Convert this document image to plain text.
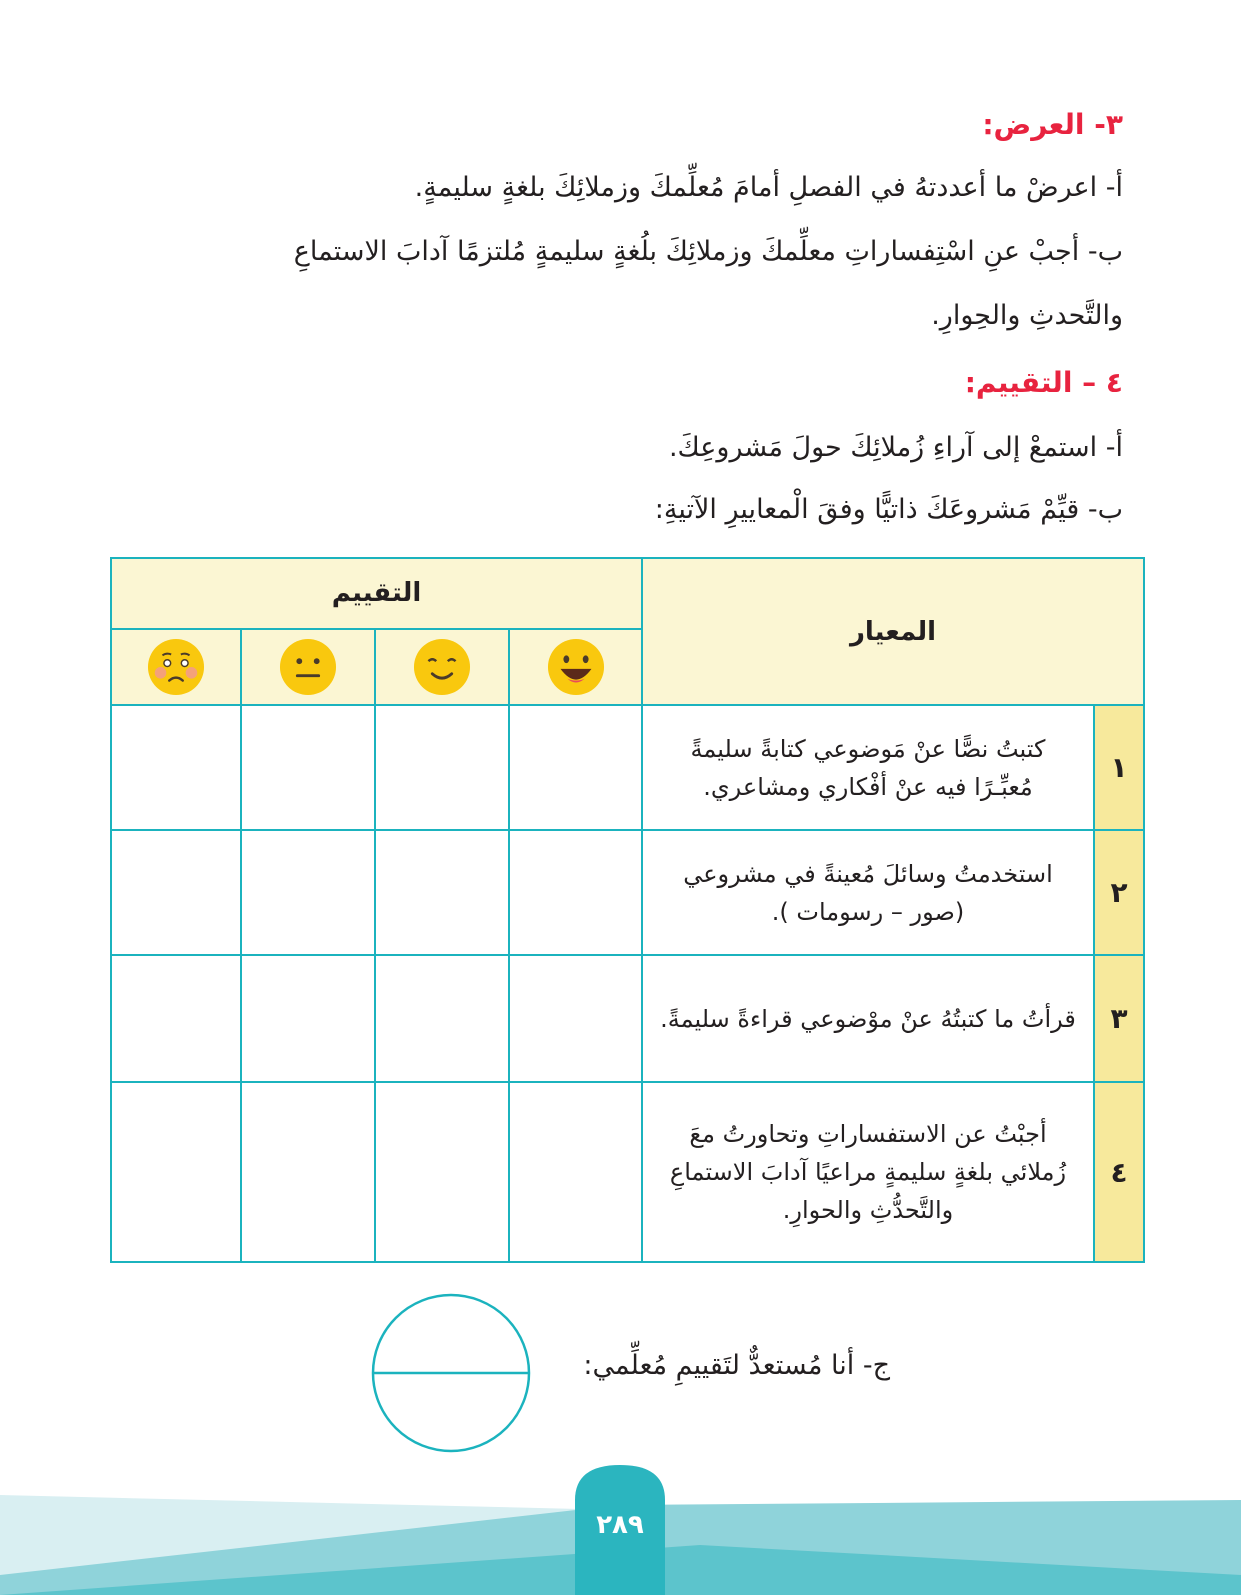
٣- العرض:
أ- اعرضْ ما أعددتهُ في الفصلِ أمامَ مُعلِّمكَ وزملائِكَ بلغةٍ سليمةٍ.
ب- أجبْ عنِ اسْتِفساراتِ معلِّمكَ وزملائِكَ بلُغةٍ سليمةٍ مُلتزمًا آدابَ الاستماعِ
والتَّحدثِ والحِوارِ.
٤ – التقييم:
أ- استمعْ إلى آراءِ زُملائِكَ حولَ مَشروعِكَ.
ب- قيِّمْ مَشروعَكَ ذاتيًّا وفقَ الْمعاييرِ الآتيةِ:
المعيار		التقييم			

١	كتبتُ نصًّا عنْ مَوضوعي كتابةً سليمةً
مُعبِّـرًا فيه عنْ أفْكاري ومشاعري.				

٢	استخدمتُ وسائلَ مُعينةً في مشروعي
(صور – رسومات ).				

٣	قرأتُ ما كتبتُهُ عنْ موْضوعي قراءةً سليمةً.				

٤	أجبْتُ عن الاستفساراتِ وتحاورتُ معَ
زُملائي بلغةٍ سليمةٍ مراعيًا آدابَ الاستماعِ
والتَّحدُّثِ والحوارِ.				

ج- أنا مُستعدٌّ لتَقييمِ مُعلِّمي:
٢٨٩
